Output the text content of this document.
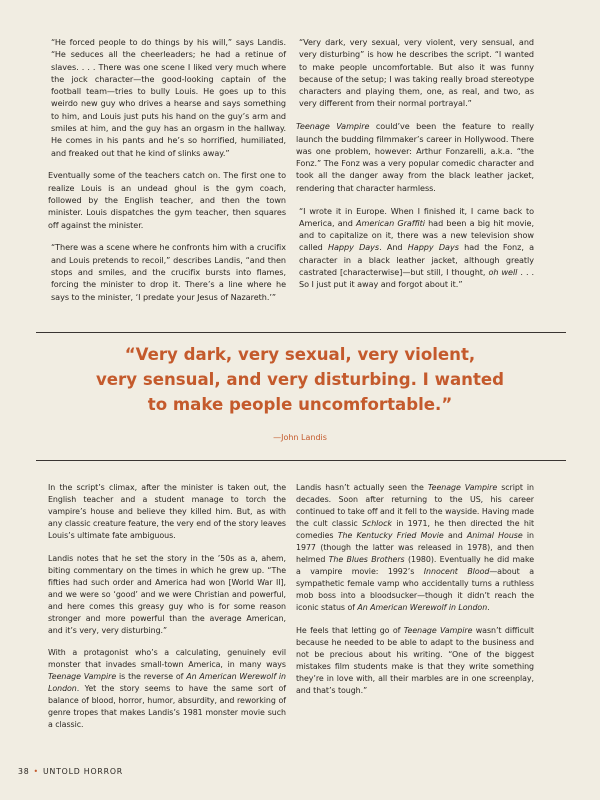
“He forced people to do things by his will,” says Landis. “He seduces all the cheerleaders; he had a retinue of slaves. . . . There was one scene I liked very much where the jock character—the good-looking captain of the football team—tries to bully Louis. He goes up to this weirdo new guy who drives a hearse and says something to him, and Louis just puts his hand on the guy’s arm and smiles at him, and the guy has an orgasm in the hallway. He comes in his pants and he’s so horrified, humiliated, and freaked out that he kind of slinks away.”

Eventually some of the teachers catch on. The first one to realize Louis is an undead ghoul is the gym coach, followed by the English teacher, and then the town minister. Louis dispatches the gym teacher, then squares off against the minister.

“There was a scene where he confronts him with a crucifix and Louis pretends to recoil,” describes Landis, “and then stops and smiles, and the crucifix bursts into flames, forcing the minister to drop it. There’s a line where he says to the minister, ‘I predate your Jesus of Nazareth.’”

“Very dark, very sexual, very violent, very sensual, and very disturbing” is how he describes the script. “I wanted to make people uncomfortable. But also it was funny because of the setup; I was taking really broad stereotype characters and playing them, one, as real, and two, as very different from their normal portrayal.”

Teenage Vampire could’ve been the feature to really launch the budding filmmaker’s career in Hollywood. There was one problem, however: Arthur Fonzarelli, a.k.a. “the Fonz.” The Fonz was a very popular comedic character and took all the danger away from the black leather jacket, rendering that character harmless.

“I wrote it in Europe. When I finished it, I came back to America, and American Graffiti had been a big hit movie, and to capitalize on it, there was a new television show called Happy Days. And Happy Days had the Fonz, a character in a black leather jacket, although greatly castrated [characterwise]—but still, I thought, oh well . . . So I just put it away and forgot about it.”

“Very dark, very sexual, very violent,
very sensual, and very disturbing. I wanted
to make people uncomfortable.”
—John Landis

In the script’s climax, after the minister is taken out, the English teacher and a student manage to torch the vampire’s house and believe they killed him. But, as with any classic creature feature, the very end of the story leaves Louis’s ultimate fate ambiguous.

Landis notes that he set the story in the ’50s as a, ahem, biting commentary on the times in which he grew up. “The fifties had such order and America had won [World War II], and we were so ‘good’ and we were Christian and powerful, and here comes this greasy guy who is for some reason stronger and more powerful than the average American, and it’s very, very disturbing.”

With a protagonist who’s a calculating, genuinely evil monster that invades small-town America, in many ways Teenage Vampire is the reverse of An American Werewolf in London. Yet the story seems to have the same sort of balance of blood, horror, humor, absurdity, and reworking of genre tropes that makes Landis’s 1981 monster movie such a classic.

Landis hasn’t actually seen the Teenage Vampire script in decades. Soon after returning to the US, his career continued to take off and it fell to the wayside. Having made the cult classic Schlock in 1971, he then directed the hit comedies The Kentucky Fried Movie and Animal House in 1977 (though the latter was released in 1978), and then helmed The Blues Brothers (1980). Eventually he did make a vampire movie: 1992’s Innocent Blood—about a sympathetic female vamp who accidentally turns a ruthless mob boss into a bloodsucker—though it didn’t reach the iconic status of An American Werewolf in London.

He feels that letting go of Teenage Vampire wasn’t difficult because he needed to be able to adapt to the business and not be precious about his writing. “One of the biggest mistakes film students make is that they write something they’re in love with, all their marbles are in one screenplay, and that’s tough.”

38 • UNTOLD HORROR
